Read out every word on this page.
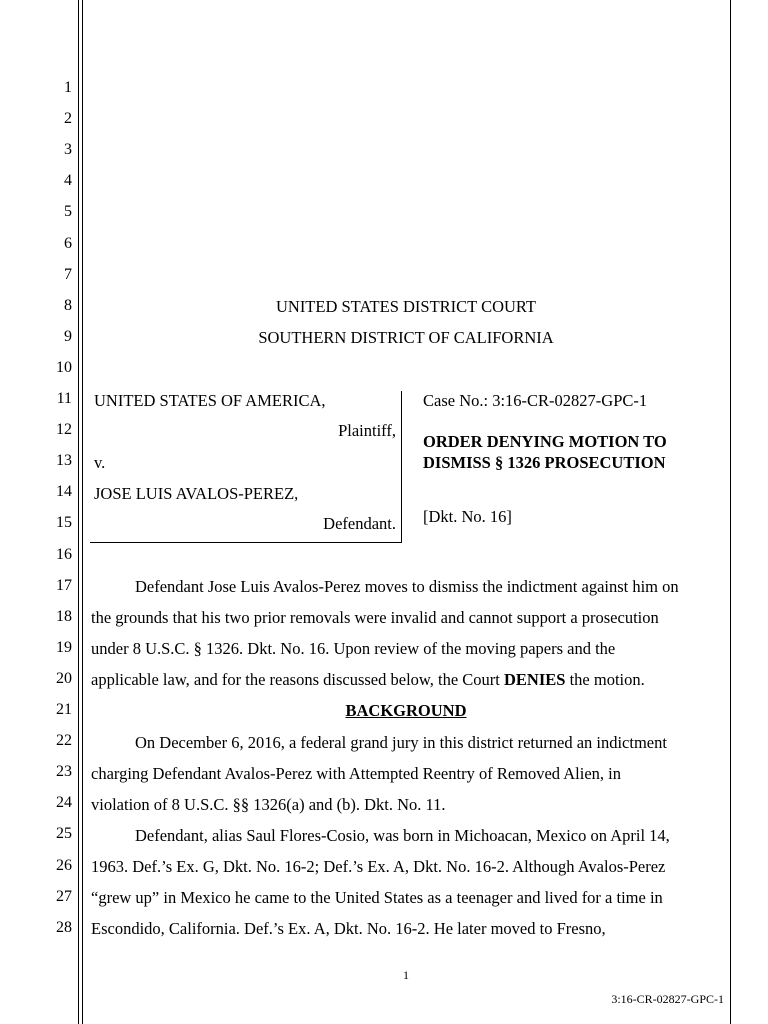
1
2
3
4
5
6
7
8
9
10
11
12
13
14
15
16
17
18
19
20
21
22
23
24
25
26
27
28
UNITED STATES DISTRICT COURT
SOUTHERN DISTRICT OF CALIFORNIA
UNITED STATES OF AMERICA,
Plaintiff,
v.
JOSE LUIS AVALOS-PEREZ,
Defendant.
Case No.: 3:16-CR-02827-GPC-1
ORDER DENYING MOTION TO
DISMISS § 1326 PROSECUTION
[Dkt. No. 16]
Defendant Jose Luis Avalos-Perez moves to dismiss the indictment against him on
the grounds that his two prior removals were invalid and cannot support a prosecution
under 8 U.S.C. § 1326. Dkt. No. 16. Upon review of the moving papers and the
applicable law, and for the reasons discussed below, the Court DENIES the motion.
BACKGROUND
On December 6, 2016, a federal grand jury in this district returned an indictment
charging Defendant Avalos-Perez with Attempted Reentry of Removed Alien, in
violation of 8 U.S.C. §§ 1326(a) and (b). Dkt. No. 11.
Defendant, alias Saul Flores-Cosio, was born in Michoacan, Mexico on April 14,
1963. Def.’s Ex. G, Dkt. No. 16-2; Def.’s Ex. A, Dkt. No. 16-2. Although Avalos-Perez
“grew up” in Mexico he came to the United States as a teenager and lived for a time in
Escondido, California. Def.’s Ex. A, Dkt. No. 16-2. He later moved to Fresno,
1
3:16-CR-02827-GPC-1
